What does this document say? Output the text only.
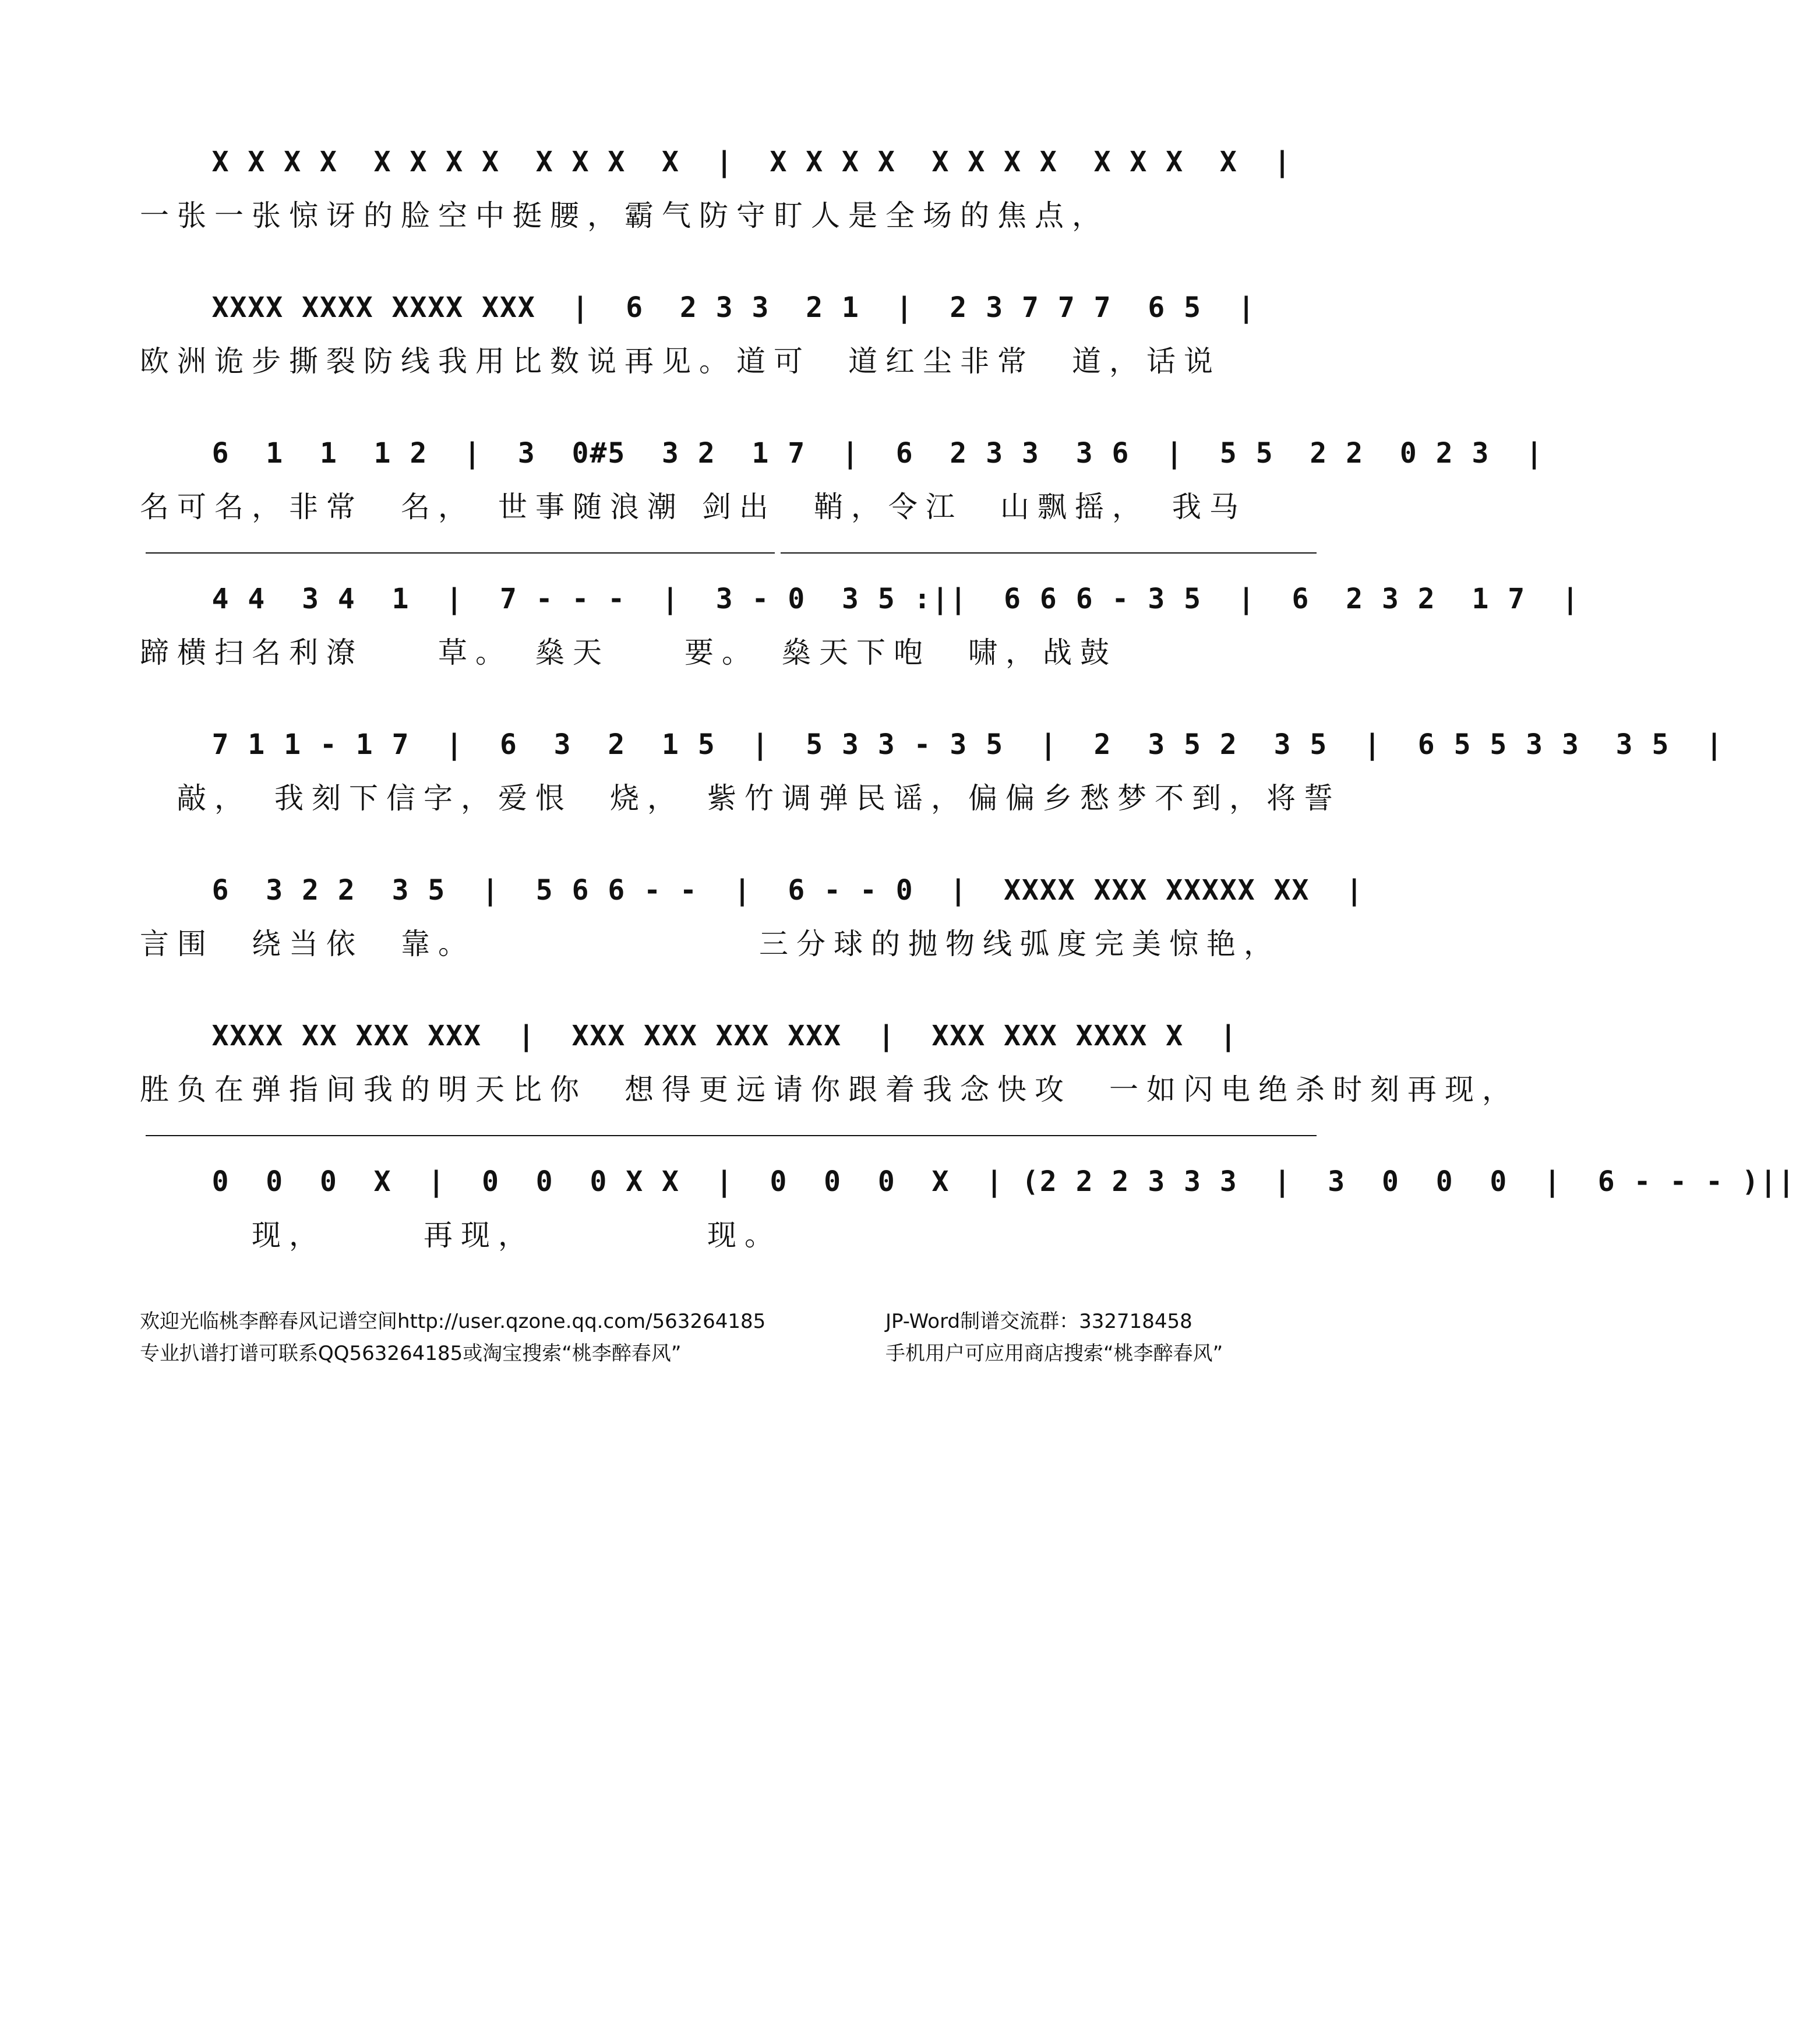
X X X X  X X X X  X X X  X  |  X X X X  X X X X  X X X  X  |

一张一张惊讶的脸空中挺腰，霸气防守盯人是全场的焦点，

XXXX XXXX XXXX XXX  |  6  2 3 3  2 1  |  2 3 7 7 7  6 5  |

欧洲诡步撕裂防线我用比数说再见。道可　道红尘非常　道，话说

6  1  1  1 2  |  3  0#5  3 2  1 7  |  6  2 3 3  3 6  |  5 5  2 2  0 2 3  |

名可名，非常　名，　世事随浪潮 剑出　鞘，令江　山飘摇，　我马

4 4  3 4  1  |  7 - - -  |  3 - 0  3 5 :||  6 6 6 - 3 5  |  6  2 3 2  1 7  |

蹄横扫名利潦　　草。　燊天　　要。　燊天下咆　啸，战鼓

7 1 1 - 1 7  |  6  3  2  1 5  |  5 3 3 - 3 5  |  2  3 5 2  3 5  |  6 5 5 3 3  3 5  |

　敲，　我刻下信字，爱恨　烧，　紫竹调弹民谣，偏偏乡愁梦不到，将誓

6  3 2 2  3 5  |  5 6 6 - -  |  6 - - 0  |  XXXX XXX XXXXX XX  |

言围　绕当依　靠。　　　　　　　　三分球的抛物线弧度完美惊艳，

XXXX XX XXX XXX  |  XXX XXX XXX XXX  |  XXX XXX XXXX X  |

胜负在弹指间我的明天比你　想得更远请你跟着我念快攻　一如闪电绝杀时刻再现，

0  0  0  X  |  0  0  0 X X  |  0  0  0  X  | (2 2 2 3 3 3  |  3  0  0  0  |  6 - - - )||

　　　现，　　　再现，　　　　　现。
欢迎光临桃李醉春风记谱空间http://user.qzone.qq.com/563264185	JP-Word制谱交流群：332718458
专业扒谱打谱可联系QQ563264185或淘宝搜索“桃李醉春风”	手机用户可应用商店搜索“桃李醉春风”
